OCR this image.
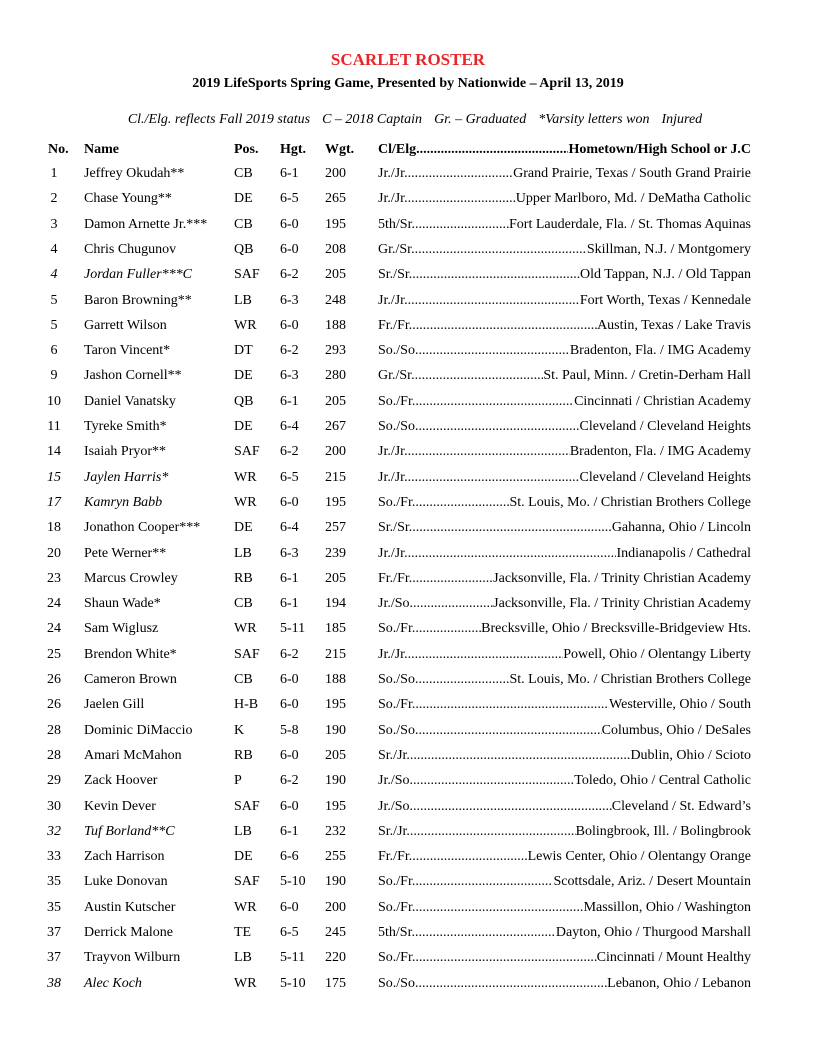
SCARLET ROSTER
2019 LifeSports Spring Game, Presented by Nationwide – April 13, 2019

Cl./Elg. reflects Fall 2019 status C – 2018 Captain Gr. – Graduated *Varsity letters won Injured

No. Name	Pos. Hgt. Wgt. Cl/Elg. .....	Hometown/High School or J.C
1	Jeffrey Okudah**	CB 6-1 200 Jr./Jr. .....	Grand Prairie, Texas / South Grand Prairie
2	Chase Young**	DE 6-5 265 Jr./Jr. .....	Upper Marlboro, Md. / DeMatha Catholic
3	Damon Arnette Jr.*** CB 6-0 195 5th/Sr. .....	Fort Lauderdale, Fla. / St. Thomas Aquinas
4	Chris Chugunov	QB 6-0 208 Gr./Sr. .....	Skillman, N.J. / Montgomery
4	Jordan Fuller***C	SAF 6-2 205 Sr./Sr. .....	Old Tappan, N.J. / Old Tappan
5	Baron Browning**	LB 6-3 248 Jr./Jr. .....	Fort Worth, Texas / Kennedale
5	Garrett Wilson	WR 6-0 188 Fr./Fr. .....	Austin, Texas / Lake Travis
6	Taron Vincent*	DT 6-2 293 So./So. .....	Bradenton, Fla. / IMG Academy
9	Jashon Cornell**	DE 6-3 280 Gr./Sr. .....	St. Paul, Minn. / Cretin-Derham Hall
10	Daniel Vanatsky	QB 6-1 205 So./Fr. .....	Cincinnati / Christian Academy
11	Tyreke Smith*	DE 6-4 267 So./So. .....	Cleveland / Cleveland Heights
14	Isaiah Pryor**	SAF 6-2 200 Jr./Jr. .....	Bradenton, Fla. / IMG Academy
15	Jaylen Harris*	WR 6-5 215 Jr./Jr. .....	Cleveland / Cleveland Heights
17	Kamryn Babb	WR 6-0 195 So./Fr. .....	St. Louis, Mo. / Christian Brothers College
18	Jonathon Cooper*** DE 6-4 257 Sr./Sr. .....	Gahanna, Ohio / Lincoln
20	Pete Werner**	LB 6-3 239 Jr./Jr. .....	Indianapolis / Cathedral
23	Marcus Crowley	RB 6-1 205 Fr./Fr. .....	Jacksonville, Fla. / Trinity Christian Academy
24	Shaun Wade*	CB 6-1 194 Jr./So. .....	Jacksonville, Fla. / Trinity Christian Academy
24	Sam Wiglusz	WR 5-11 185 So./Fr. .....	Brecksville, Ohio / Brecksville-Bridgeview Hts.
25	Brendon White*	SAF 6-2 215 Jr./Jr. .....	Powell, Ohio / Olentangy Liberty
26	Cameron Brown	CB 6-0 188 So./So. .....	St. Louis, Mo. / Christian Brothers College
26	Jaelen Gill	H-B 6-0 195 So./Fr. .....	Westerville, Ohio / South
28	Dominic DiMaccio	K	5-8 190 So./So. .....	Columbus, Ohio / DeSales
28	Amari McMahon	RB 6-0 205 Sr./Jr. .....	Dublin, Ohio / Scioto
29	Zack Hoover	P	6-2 190 Jr./So. .....	Toledo, Ohio / Central Catholic
30	Kevin Dever	SAF 6-0 195 Jr./So. .....	Cleveland / St. Edward’s
32	Tuf Borland**C	LB 6-1 232 Sr./Jr. .....	Bolingbrook, Ill. / Bolingbrook
33	Zach Harrison	DE 6-6 255 Fr./Fr. .....	Lewis Center, Ohio / Olentangy Orange
35	Luke Donovan	SAF 5-10 190 So./Fr. .....	Scottsdale, Ariz. / Desert Mountain
35	Austin Kutscher	WR 6-0 200 So./Fr. .....	Massillon, Ohio / Washington
37	Derrick Malone	TE 6-5 245 5th/Sr. .....	Dayton, Ohio / Thurgood Marshall
37	Trayvon Wilburn	LB 5-11 220 So./Fr. .....	Cincinnati / Mount Healthy
38	Alec Koch	WR 5-10 175 So./So. .....	Lebanon, Ohio / Lebanon
